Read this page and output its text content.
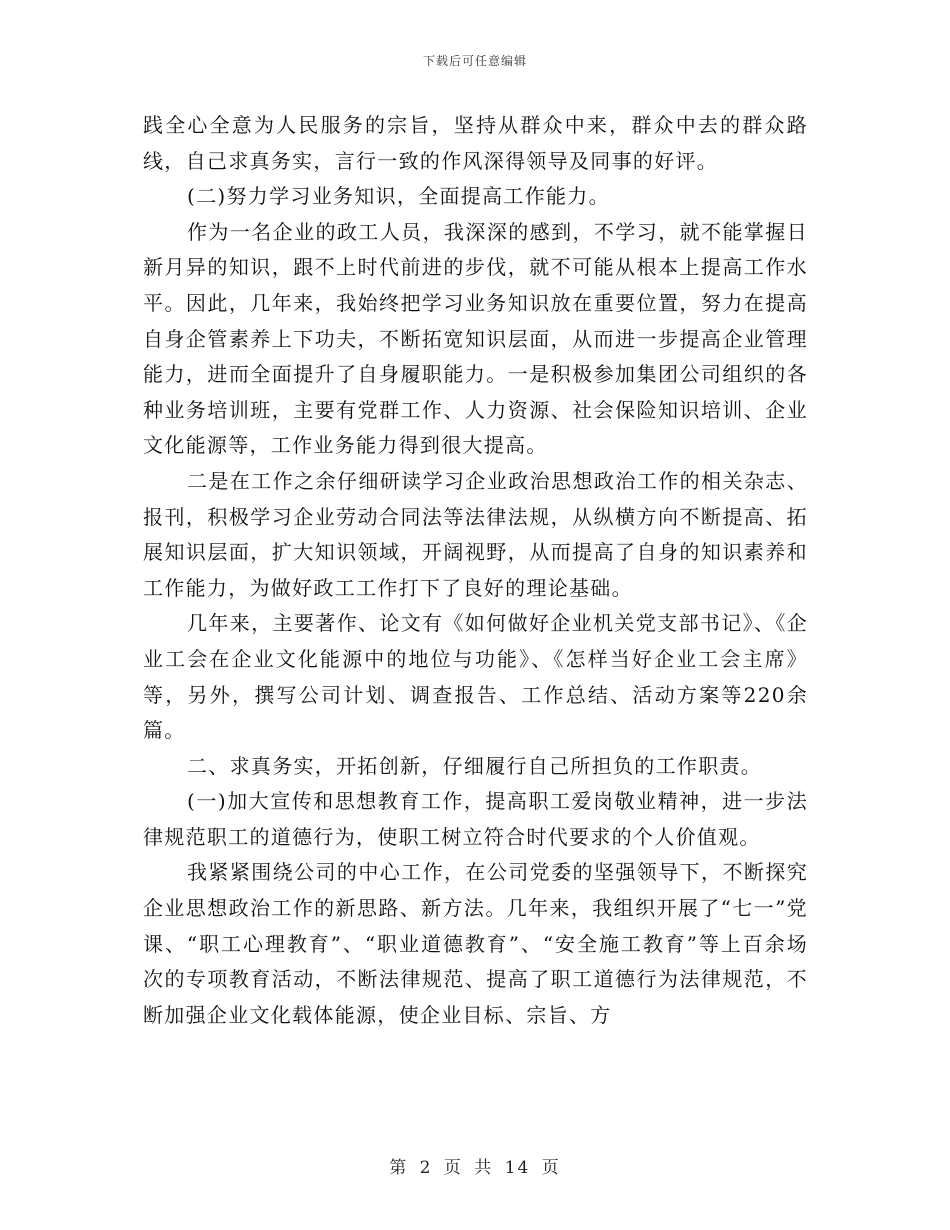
下载后可任意编辑

践全心全意为人民服务的宗旨，坚持从群众中来，群众中去的群众路线，自己求真务实，言行一致的作风深得领导及同事的好评。

(二)努力学习业务知识，全面提高工作能力。

作为一名企业的政工人员，我深深的感到，不学习，就不能掌握日新月异的知识，跟不上时代前进的步伐，就不可能从根本上提高工作水平。因此，几年来，我始终把学习业务知识放在重要位置，努力在提高自身企管素养上下功夫，不断拓宽知识层面，从而进一步提高企业管理能力，进而全面提升了自身履职能力。一是积极参加集团公司组织的各种业务培训班，主要有党群工作、人力资源、社会保险知识培训、企业文化能源等，工作业务能力得到很大提高。

二是在工作之余仔细研读学习企业政治思想政治工作的相关杂志、报刊，积极学习企业劳动合同法等法律法规，从纵横方向不断提高、拓展知识层面，扩大知识领域，开阔视野，从而提高了自身的知识素养和工作能力，为做好政工工作打下了良好的理论基础。

几年来，主要著作、论文有《如何做好企业机关党支部书记》、《企业工会在企业文化能源中的地位与功能》、《怎样当好企业工会主席》等，另外，撰写公司计划、调查报告、工作总结、活动方案等220余篇。

二、求真务实，开拓创新，仔细履行自己所担负的工作职责。

(一)加大宣传和思想教育工作，提高职工爱岗敬业精神，进一步法律规范职工的道德行为，使职工树立符合时代要求的个人价值观。

我紧紧围绕公司的中心工作，在公司党委的坚强领导下，不断探究企业思想政治工作的新思路、新方法。几年来，我组织开展了“七一”党课、“职工心理教育”、“职业道德教育”、“安全施工教育”等上百余场次的专项教育活动，不断法律规范、提高了职工道德行为法律规范，不断加强企业文化载体能源，使企业目标、宗旨、方

第 2 页 共 14 页
